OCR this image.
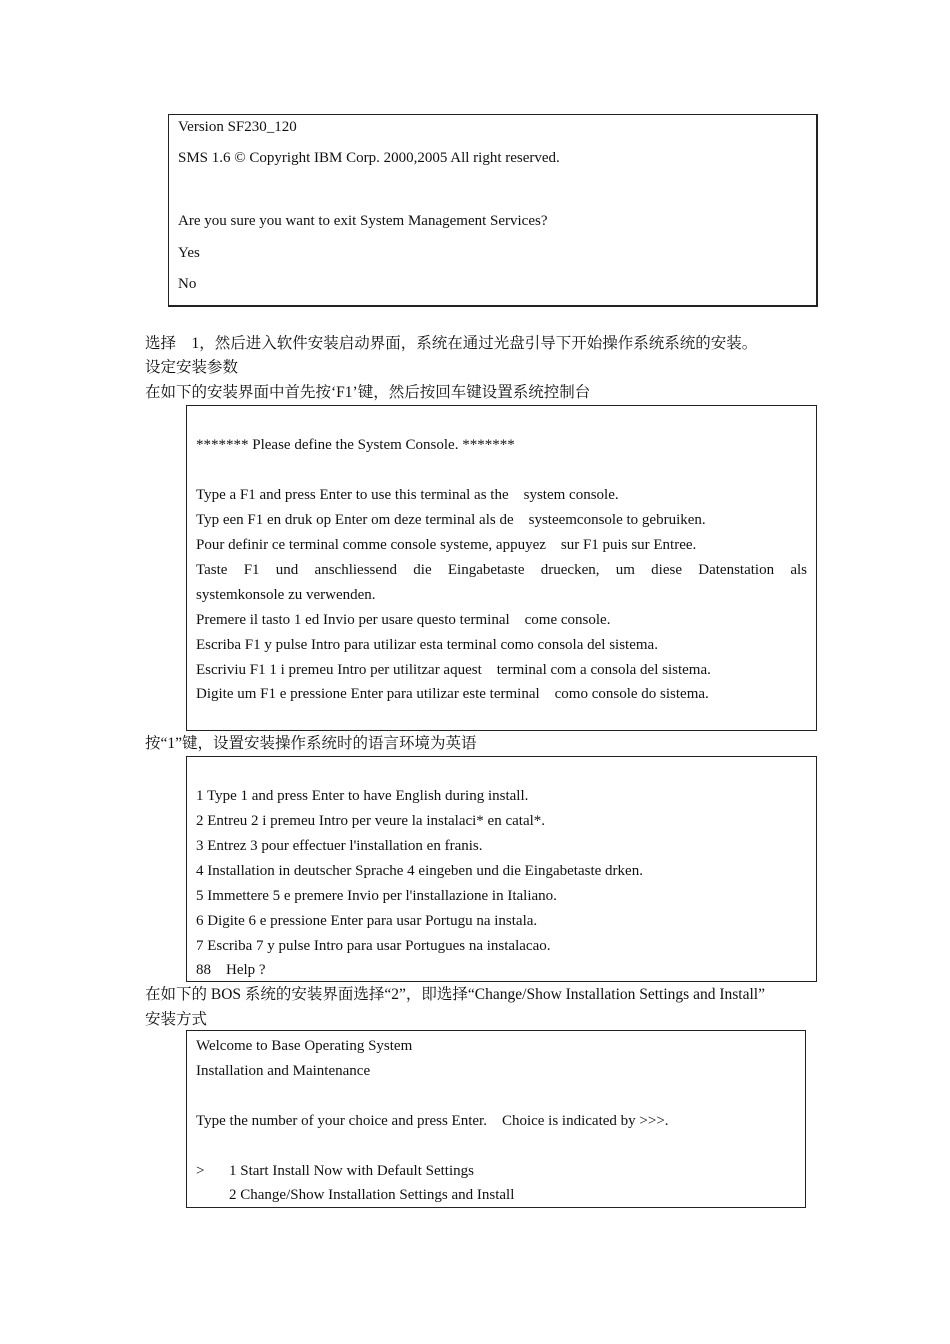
Version SF230_120
SMS 1.6 © Copyright IBM Corp. 2000,2005 All right reserved.
Are you sure you want to exit System Management Services?
Yes
No
选择    1，然后进入软件安装启动界面，系统在通过光盘引导下开始操作系统系统的安装。
设定安装参数
在如下的安装界面中首先按‘F1’键，然后按回车键设置系统控制台
******* Please define the System Console. *******
Type a F1 and press Enter to use this terminal as the    system console.
Typ een F1 en druk op Enter om deze terminal als de    systeemconsole to gebruiken.
Pour definir ce terminal comme console systeme, appuyez    sur F1 puis sur Entree.
Taste F1 und anschliessend die Eingabetaste druecken, um diese Datenstation als
systemkonsole zu verwenden.
Premere il tasto 1 ed Invio per usare questo terminal    come console.
Escriba F1 y pulse Intro para utilizar esta terminal como consola del sistema.
Escriviu F1 1 i premeu Intro per utilitzar aquest    terminal com a consola del sistema.
Digite um F1 e pressione Enter para utilizar este terminal    como console do sistema.
按“1”键，设置安装操作系统时的语言环境为英语
1 Type 1 and press Enter to have English during install.
2 Entreu 2 i premeu Intro per veure la instalaci* en catal*.
3 Entrez 3 pour effectuer l'installation en franis.
4 Installation in deutscher Sprache 4 eingeben und die Eingabetaste drken.
5 Immettere 5 e premere Invio per l'installazione in Italiano.
6 Digite 6 e pressione Enter para usar Portugu na instala.
7 Escriba 7 y pulse Intro para usar Portugues na instalacao.
88    Help ?
在如下的 BOS 系统的安装界面选择“2”，即选择“Change/Show Installation Settings and Install”
安装方式
Welcome to Base Operating System
Installation and Maintenance
Type the number of your choice and press Enter.    Choice is indicated by >>>.
> 1 Start Install Now with Default Settings
2 Change/Show Installation Settings and Install
